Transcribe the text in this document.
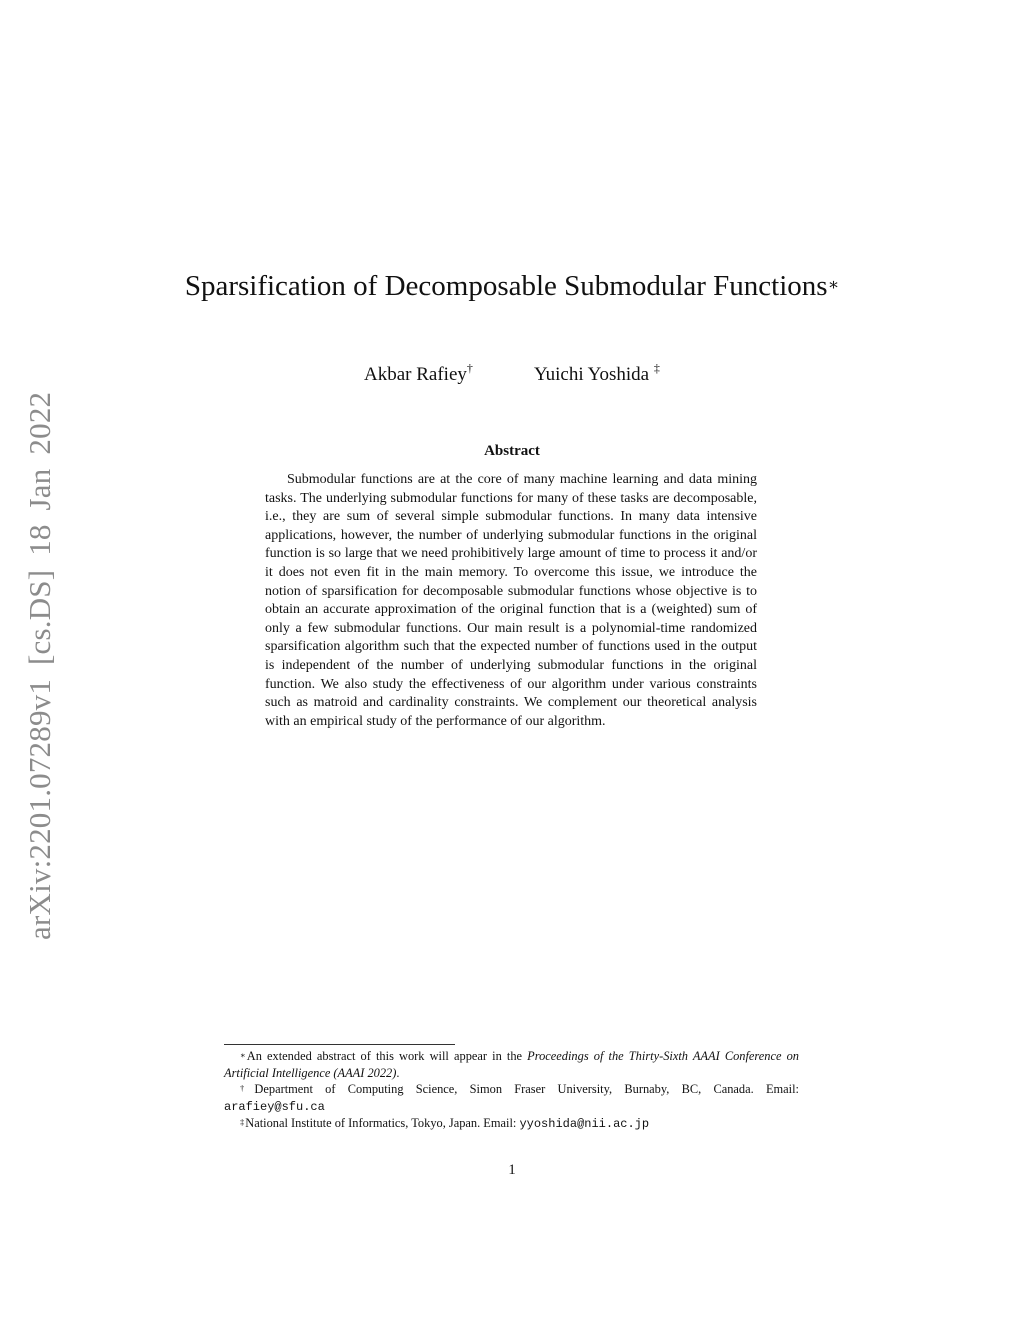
arXiv:2201.07289v1 [cs.DS] 18 Jan 2022
Sparsification of Decomposable Submodular Functions∗
Akbar Rafiey†	Yuichi Yoshida ‡
Abstract

Submodular functions are at the core of many machine learning and data mining tasks. The underlying submodular functions for many of these tasks are decomposable, i.e., they are sum of several simple submodular functions. In many data intensive applications, however, the number of underlying submodular functions in the original function is so large that we need prohibitively large amount of time to process it and/or it does not even fit in the main memory. To overcome this issue, we introduce the notion of sparsification for decomposable submodular functions whose objective is to obtain an accurate approximation of the original function that is a (weighted) sum of only a few submodular functions. Our main result is a polynomial-time randomized sparsification algorithm such that the expected number of functions used in the output is independent of the number of underlying submodular functions in the original function. We also study the effectiveness of our algorithm under various constraints such as matroid and cardinality constraints. We complement our theoretical analysis with an empirical study of the performance of our algorithm.

∗An extended abstract of this work will appear in the Proceedings of the Thirty-Sixth AAAI Conference on Artificial Intelligence (AAAI 2022).

†Department of Computing Science, Simon Fraser University, Burnaby, BC, Canada. Email: arafiey@sfu.ca

‡National Institute of Informatics, Tokyo, Japan. Email: yyoshida@nii.ac.jp

1
